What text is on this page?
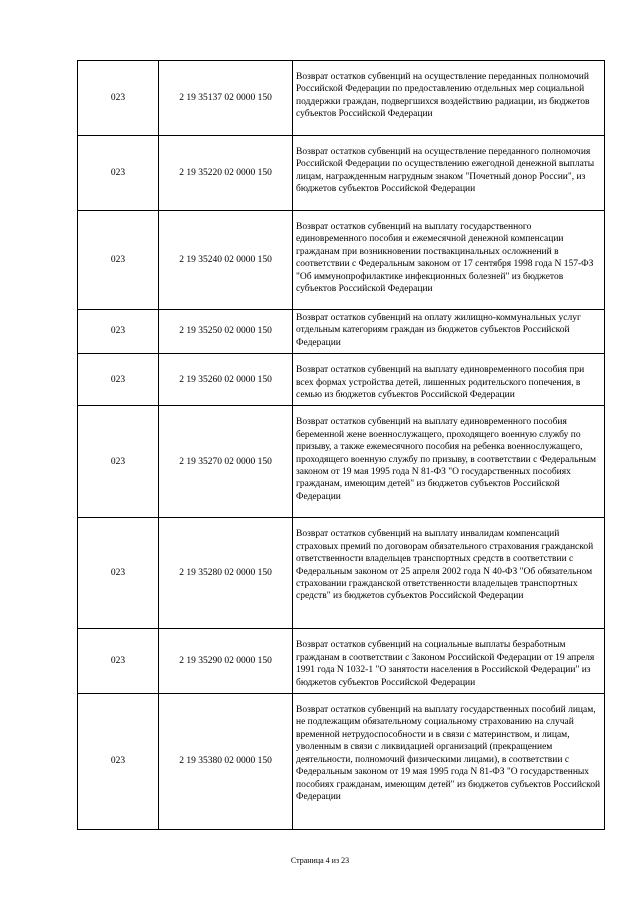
023	2 19 35137 02 0000 150	Возврат остатков субвенций на осуществление переданных полномочий Российской Федерации по предоставлению отдельных мер социальной поддержки граждан, подвергшихся воздействию радиации, из бюджетов субъектов Российской Федерации
023	2 19 35220 02 0000 150	Возврат остатков субвенций на осуществление переданного полномочия Российской Федерации по осуществлению ежегодной денежной выплаты лицам, награжденным нагрудным знаком "Почетный донор России", из бюджетов субъектов Российской Федерации
023	2 19 35240 02 0000 150	Возврат остатков субвенций на выплату государственного единовременного пособия и ежемесячной денежной компенсации гражданам при возникновении поствакцинальных осложнений в соответствии с Федеральным законом от 17 сентября 1998 года N 157-ФЗ "Об иммунопрофилактике инфекционных болезней" из бюджетов субъектов Российской Федерации
023	2 19 35250 02 0000 150	Возврат остатков субвенций на оплату жилищно-коммунальных услуг отдельным категориям граждан из бюджетов субъектов Российской Федерации
023	2 19 35260 02 0000 150	Возврат остатков субвенций на выплату единовременного пособия при всех формах устройства детей, лишенных родительского попечения, в семью из бюджетов субъектов Российской Федерации
023	2 19 35270 02 0000 150	Возврат остатков субвенций на выплату единовременного пособия беременной жене военнослужащего, проходящего военную службу по призыву, а также ежемесячного пособия на ребенка военнослужащего, проходящего военную службу по призыву, в соответствии с Федеральным законом от 19 мая 1995 года N 81-ФЗ "О государственных пособиях гражданам, имеющим детей" из бюджетов субъектов Российской Федерации
023	2 19 35280 02 0000 150	Возврат остатков субвенций на выплату инвалидам компенсаций страховых премий по договорам обязательного страхования гражданской ответственности владельцев транспортных средств в соответствии с Федеральным законом от 25 апреля 2002 года N 40-ФЗ "Об обязательном страховании гражданской ответственности владельцев транспортных средств" из бюджетов субъектов Российской Федерации
023	2 19 35290 02 0000 150	Возврат остатков субвенций на социальные выплаты безработным гражданам в соответствии с Законом Российской Федерации от 19 апреля 1991 года N 1032-1 "О занятости населения в Российской Федерации" из бюджетов субъектов Российской Федерации
023	2 19 35380 02 0000 150	Возврат остатков субвенций на выплату государственных пособий лицам, не подлежащим обязательному социальному страхованию на случай временной нетрудоспособности и в связи с материнством, и лицам, уволенным в связи с ликвидацией организаций (прекращением деятельности, полномочий физическими лицами), в соответствии с Федеральным законом от 19 мая 1995 года N 81-ФЗ "О государственных пособиях гражданам, имеющим детей" из бюджетов субъектов Российской Федерации
Страница 4 из 23
